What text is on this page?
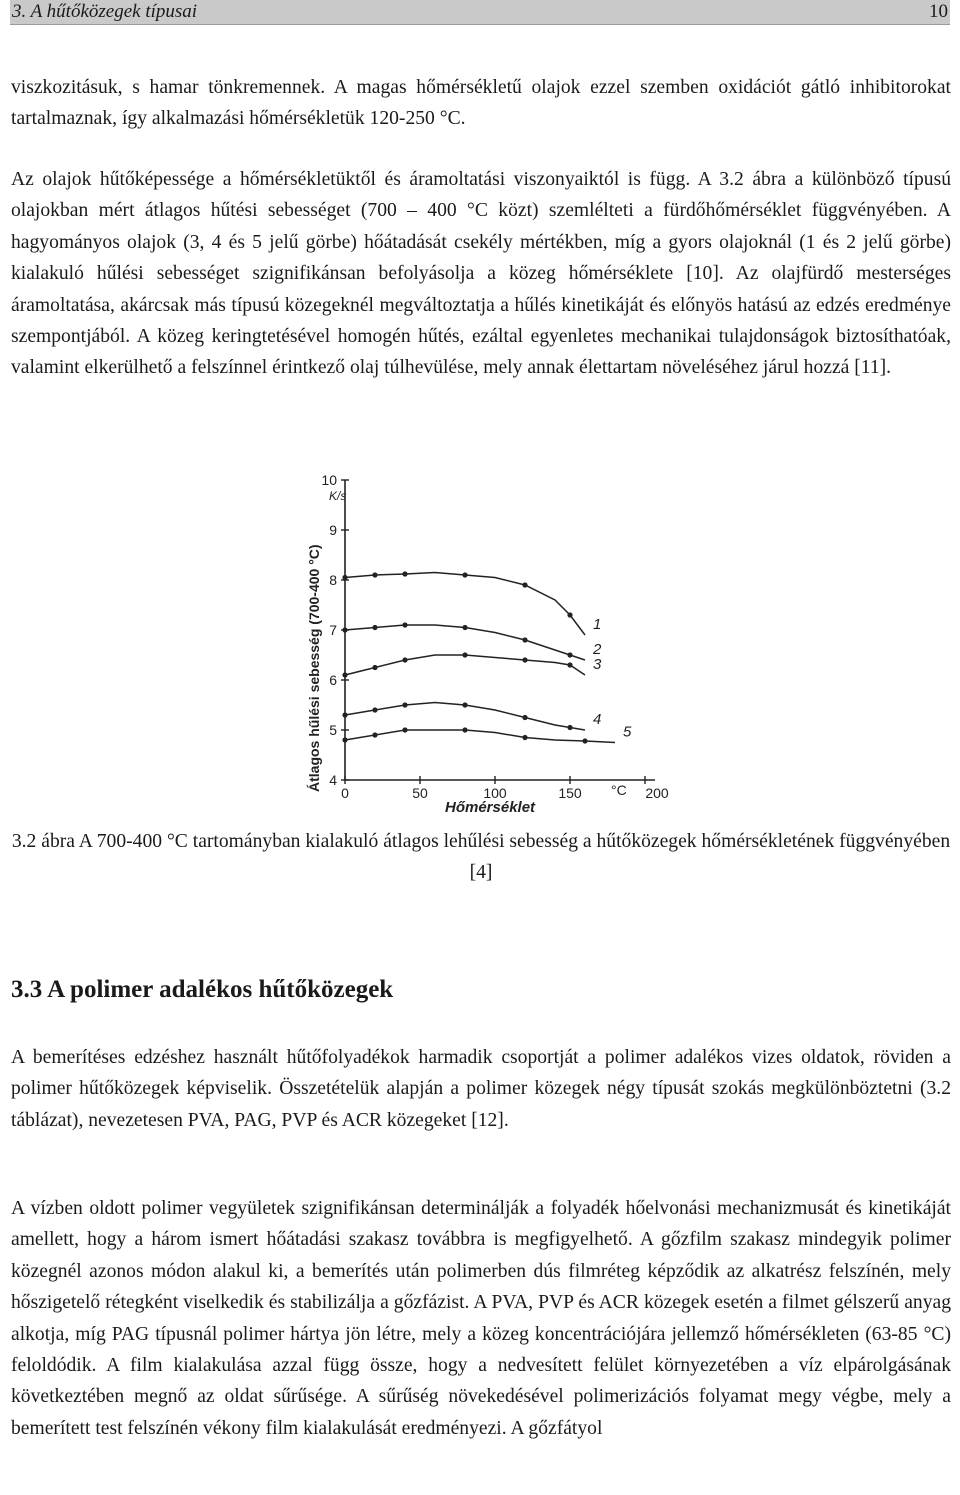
3. A hűtőközegek típusai	10

viszkozitásuk, s hamar tönkremennek. A magas hőmérsékletű olajok ezzel szemben oxidációt gátló inhibitorokat tartalmaznak, így alkalmazási hőmérsékletük 120-250 °C.

Az olajok hűtőképessége a hőmérsékletüktől és áramoltatási viszonyaiktól is függ. A 3.2 ábra a különböző típusú olajokban mért átlagos hűtési sebességet (700 – 400 °C közt) szemlélteti a fürdőhőmérséklet függvényében. A hagyományos olajok (3, 4 és 5 jelű görbe) hőátadását csekély mértékben, míg a gyors olajoknál (1 és 2 jelű görbe) kialakuló hűlési sebességet szignifikánsan befolyásolja a közeg hőmérséklete [10]. Az olajfürdő mesterséges áramoltatása, akárcsak más típusú közegeknél megváltoztatja a hűlés kinetikáját és előnyös hatású az edzés eredménye szempontjából. A közeg keringtetésével homogén hűtés, ezáltal egyenletes mechanikai tulajdonságok biztosíthatóak, valamint elkerülhető a felszínnel érintkező olaj túlhevülése, mely annak élettartam növeléséhez járul hozzá [11].

K/s
Átlagos hűlési sebesség (700-400 °C)
Hőmérséklet
°C
4
5
6
7
8
9
10
0	50	100	150	200
1
2
3
4
5
3.2 ábra A 700-400 °C tartományban kialakuló átlagos lehűlési sebesség a hűtőközegek hőmérsékletének függvényében [4]
3.3 A polimer adalékos hűtőközegek

A bemerítéses edzéshez használt hűtőfolyadékok harmadik csoportját a polimer adalékos vizes oldatok, röviden a polimer hűtőközegek képviselik. Összetételük alapján a polimer közegek négy típusát szokás megkülönböztetni (3.2 táblázat), nevezetesen PVA, PAG, PVP és ACR közegeket [12].

A vízben oldott polimer vegyületek szignifikánsan determinálják a folyadék hőelvonási mechanizmusát és kinetikáját amellett, hogy a három ismert hőátadási szakasz továbbra is megfigyelhető. A gőzfilm szakasz mindegyik polimer közegnél azonos módon alakul ki, a bemerítés után polimerben dús filmréteg képződik az alkatrész felszínén, mely hőszigetelő rétegként viselkedik és stabilizálja a gőzfázist. A PVA, PVP és ACR közegek esetén a filmet gélszerű anyag alkotja, míg PAG típusnál polimer hártya jön létre, mely a közeg koncentrációjára jellemző hőmérsékleten (63-85 °C) feloldódik. A film kialakulása azzal függ össze, hogy a nedvesített felület környezetében a víz elpárolgásának következtében megnő az oldat sűrűsége. A sűrűség növekedésével polimerizációs folyamat megy végbe, mely a bemerített test felszínén vékony film kialakulását eredményezi. A gőzfátyol
